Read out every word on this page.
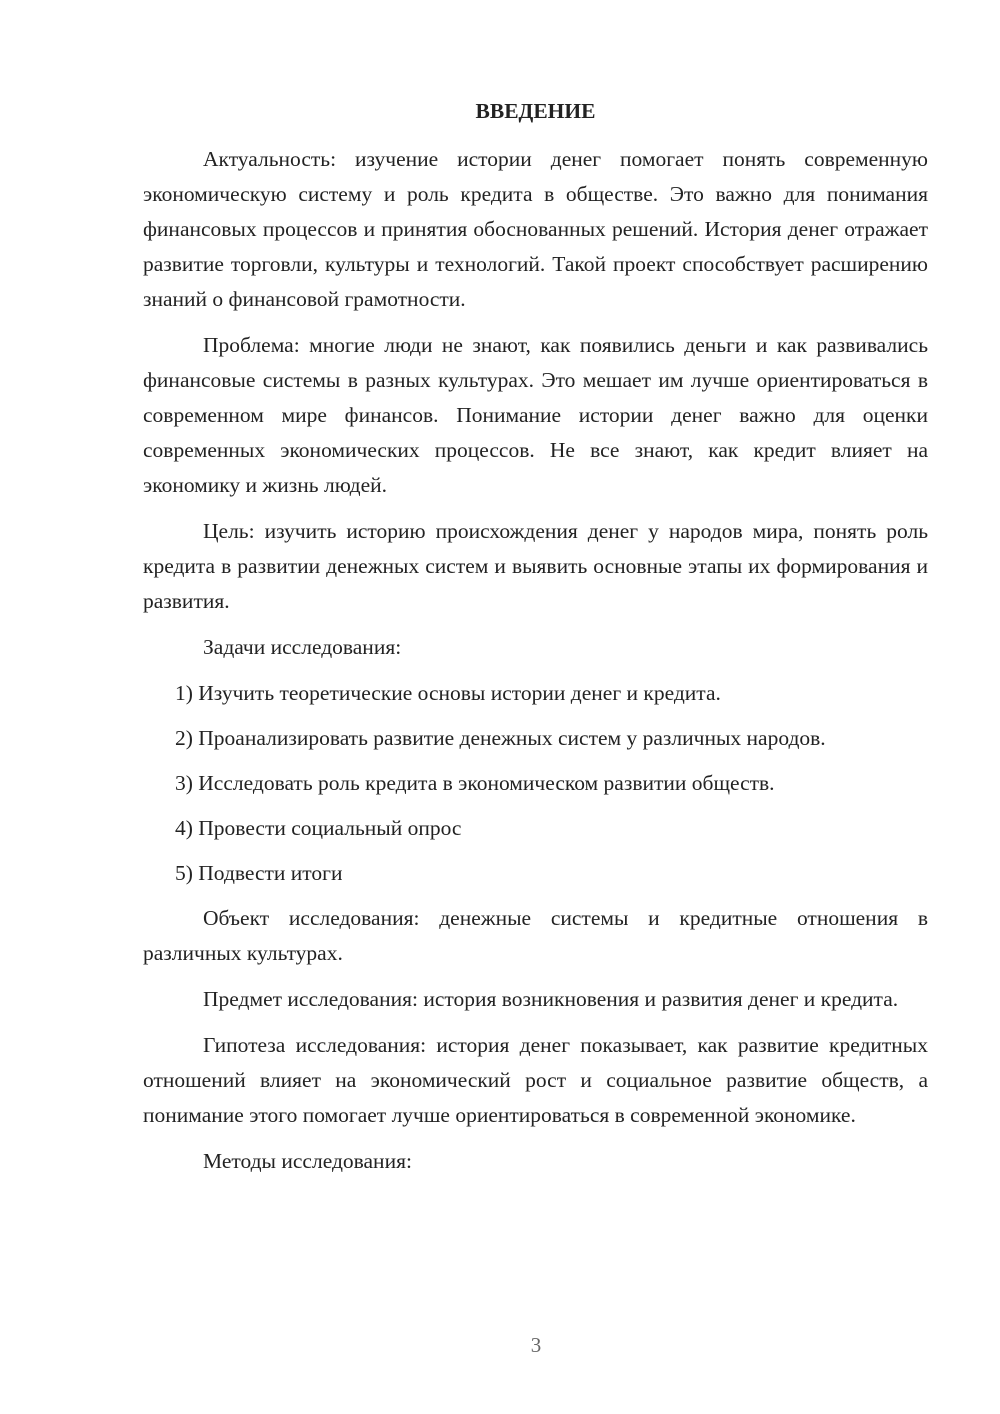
ВВЕДЕНИЕ

Актуальность: изучение истории денег помогает понять современную экономическую систему и роль кредита в обществе. Это важно для понимания финансовых процессов и принятия обоснованных решений. История денег отражает развитие торговли, культуры и технологий. Такой проект способствует расширению знаний о финансовой грамотности.

Проблема: многие люди не знают, как появились деньги и как развивались финансовые системы в разных культурах. Это мешает им лучше ориентироваться в современном мире финансов. Понимание истории денег важно для оценки современных экономических процессов. Не все знают, как кредит влияет на экономику и жизнь людей.

Цель: изучить историю происхождения денег у народов мира, понять роль кредита в развитии денежных систем и выявить основные этапы их формирования и развития.

Задачи исследования:

1) Изучить теоретические основы истории денег и кредита.
2) Проанализировать развитие денежных систем у различных народов.
3) Исследовать роль кредита в экономическом развитии обществ.
4) Провести социальный опрос
5) Подвести итоги

Объект исследования: денежные системы и кредитные отношения в различных культурах.

Предмет исследования: история возникновения и развития денег и кредита.

Гипотеза исследования: история денег показывает, как развитие кредитных отношений влияет на экономический рост и социальное развитие обществ, а понимание этого помогает лучше ориентироваться в современной экономике.

Методы исследования:

3
